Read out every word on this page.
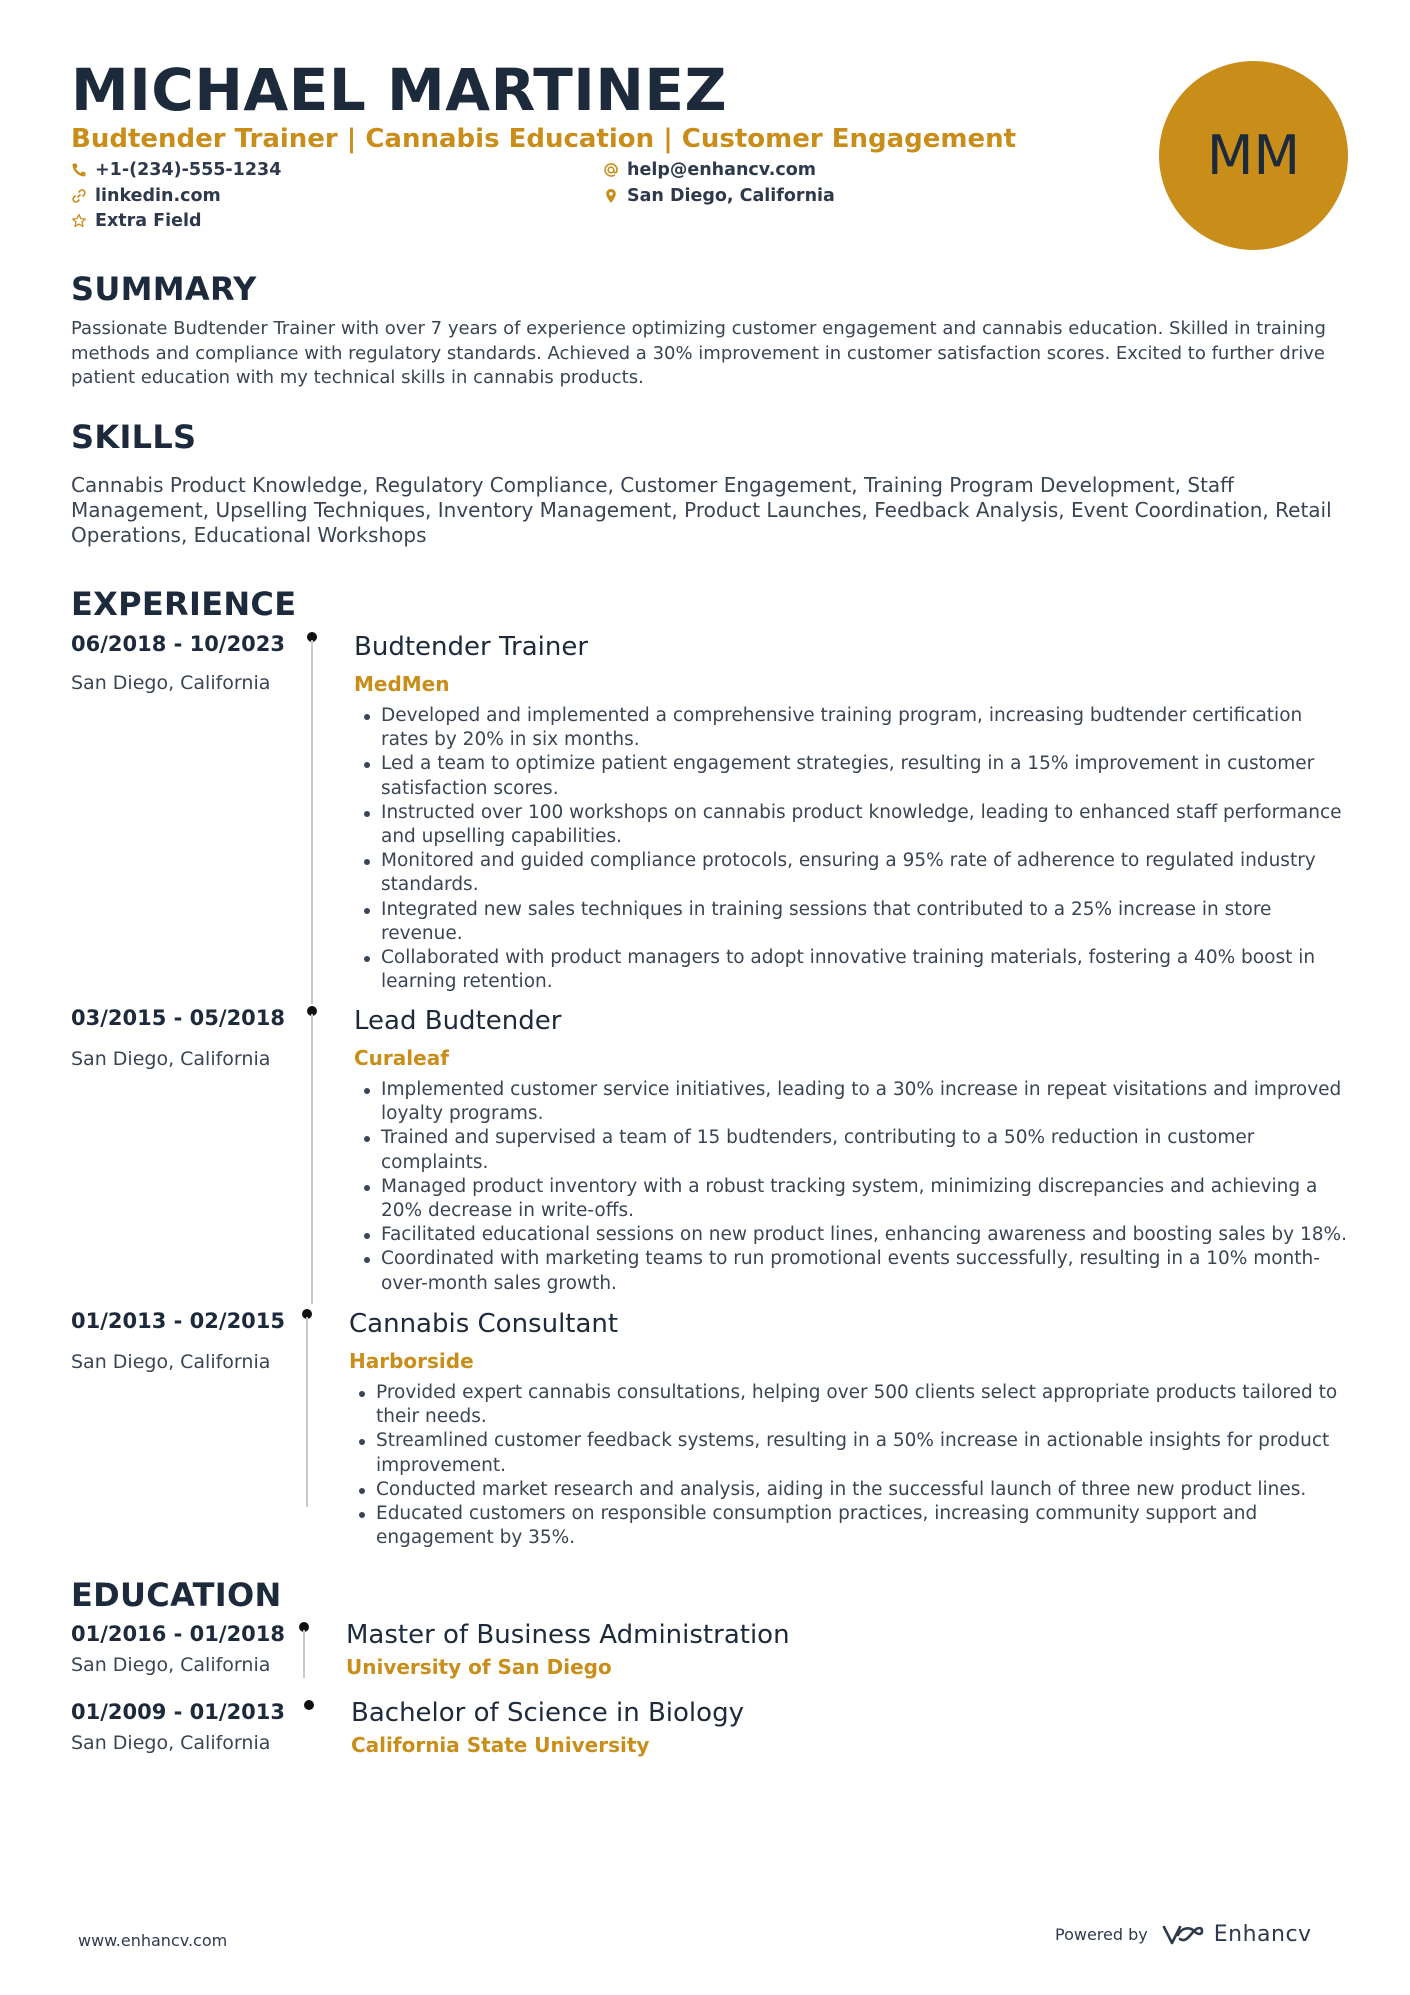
MICHAEL MARTINEZ
Budtender Trainer | Cannabis Education | Customer Engagement
+1-(234)-555-1234	help@enhancv.com
linkedin.com	San Diego, California
Extra Field
MM
SUMMARY
Passionate Budtender Trainer with over 7 years of experience optimizing customer engagement and cannabis education. Skilled in training methods and compliance with regulatory standards. Achieved a 30% improvement in customer satisfaction scores. Excited to further drive patient education with my technical skills in cannabis products.
SKILLS
Cannabis Product Knowledge, Regulatory Compliance, Customer Engagement, Training Program Development, Staff Management, Upselling Techniques, Inventory Management, Product Launches, Feedback Analysis, Event Coordination, Retail Operations, Educational Workshops
EXPERIENCE
06/2018 - 10/2023
San Diego, California
Budtender Trainer
MedMen
Developed and implemented a comprehensive training program, increasing budtender certification rates by 20% in six months.
Led a team to optimize patient engagement strategies, resulting in a 15% improvement in customer satisfaction scores.
Instructed over 100 workshops on cannabis product knowledge, leading to enhanced staff performance and upselling capabilities.
Monitored and guided compliance protocols, ensuring a 95% rate of adherence to regulated industry standards.
Integrated new sales techniques in training sessions that contributed to a 25% increase in store revenue.
Collaborated with product managers to adopt innovative training materials, fostering a 40% boost in learning retention.
03/2015 - 05/2018
San Diego, California
Lead Budtender
Curaleaf
Implemented customer service initiatives, leading to a 30% increase in repeat visitations and improved loyalty programs.
Trained and supervised a team of 15 budtenders, contributing to a 50% reduction in customer complaints.
Managed product inventory with a robust tracking system, minimizing discrepancies and achieving a 20% decrease in write-offs.
Facilitated educational sessions on new product lines, enhancing awareness and boosting sales by 18%.
Coordinated with marketing teams to run promotional events successfully, resulting in a 10% month-over-month sales growth.
01/2013 - 02/2015
San Diego, California
Cannabis Consultant
Harborside
Provided expert cannabis consultations, helping over 500 clients select appropriate products tailored to their needs.
Streamlined customer feedback systems, resulting in a 50% increase in actionable insights for product improvement.
Conducted market research and analysis, aiding in the successful launch of three new product lines.
Educated customers on responsible consumption practices, increasing community support and engagement by 35%.
EDUCATION
01/2016 - 01/2018
San Diego, California
Master of Business Administration
University of San Diego
01/2009 - 01/2013
San Diego, California
Bachelor of Science in Biology
California State University
www.enhancv.com	Powered by	Enhancv
